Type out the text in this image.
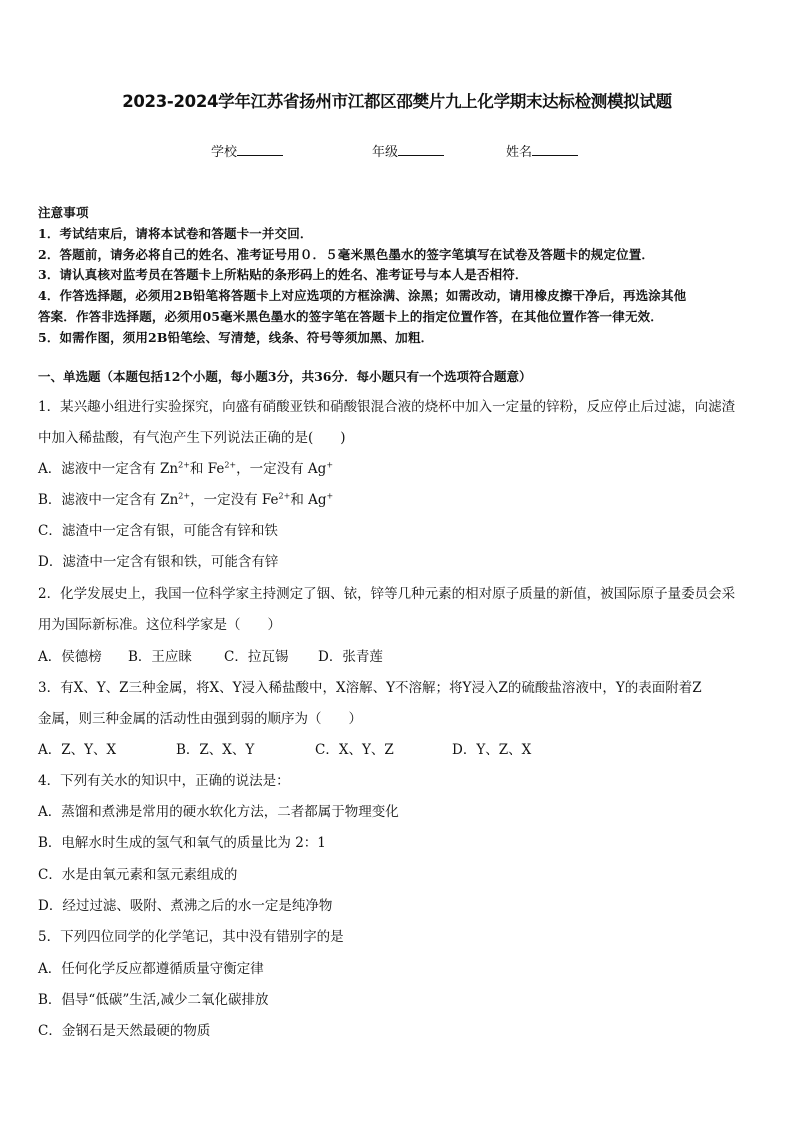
2023-2024学年江苏省扬州市江都区邵樊片九上化学期末达标检测模拟试题
学校	年级	姓名
注意事项
1．考试结束后，请将本试卷和答题卡一并交回．
2．答题前，请务必将自己的姓名、准考证号用０．５毫米黑色墨水的签字笔填写在试卷及答题卡的规定位置．
3．请认真核对监考员在答题卡上所粘贴的条形码上的姓名、准考证号与本人是否相符．
4．作答选择题，必须用2B铅笔将答题卡上对应选项的方框涂满、涂黑；如需改动，请用橡皮擦干净后，再选涂其他
答案．作答非选择题，必须用05毫米黑色墨水的签字笔在答题卡上的指定位置作答，在其他位置作答一律无效．
5．如需作图，须用2B铅笔绘、写清楚，线条、符号等须加黑、加粗．
一、单选题（本题包括12个小题，每小题3分，共36分．每小题只有一个选项符合题意）
1．某兴趣小组进行实验探究，向盛有硝酸亚铁和硝酸银混合液的烧杯中加入一定量的锌粉，反应停止后过滤，向滤渣
中加入稀盐酸，有气泡产生下列说法正确的是(　　)
A．滤液中一定含有 $Zn^{2+}$和 $Fe^{2+}$，一定没有 Ag+
B．滤液中一定含有 $Zn^{2+}$，一定没有 $Fe^{2+}$和 Ag+
C．滤渣中一定含有银，可能含有锌和铁
D．滤渣中一定含有银和铁，可能含有锌
2．化学发展史上，我国一位科学家主持测定了铟、铱，锌等几种元素的相对原子质量的新值，被国际原子量委员会采
用为国际新标准。这位科学家是（　　）
A．侯德榜 B．王应睐 C．拉瓦锡 D．张青莲
3．有X、Y、Z三种金属，将X、Y浸入稀盐酸中，X溶解、Y不溶解；将Y浸入Z的硫酸盐溶液中，Y的表面附着Z
金属，则三种金属的活动性由强到弱的顺序为（　　）
A．Z、Y、X	B．Z、X、Y	C．X、Y、Z	D．Y、Z、X
4．下列有关水的知识中，正确的说法是：
A．蒸馏和煮沸是常用的硬水软化方法，二者都属于物理变化
B．电解水时生成的氢气和氧气的质量比为 2：1
C．水是由氧元素和氢元素组成的
D．经过过滤、吸附、煮沸之后的水一定是纯净物
5．下列四位同学的化学笔记，其中没有错别字的是
A．任何化学反应都遵循质量守衡定律
B．倡导“低碳”生活,减少二氧化碳排放
C．金钢石是天然最硬的物质
